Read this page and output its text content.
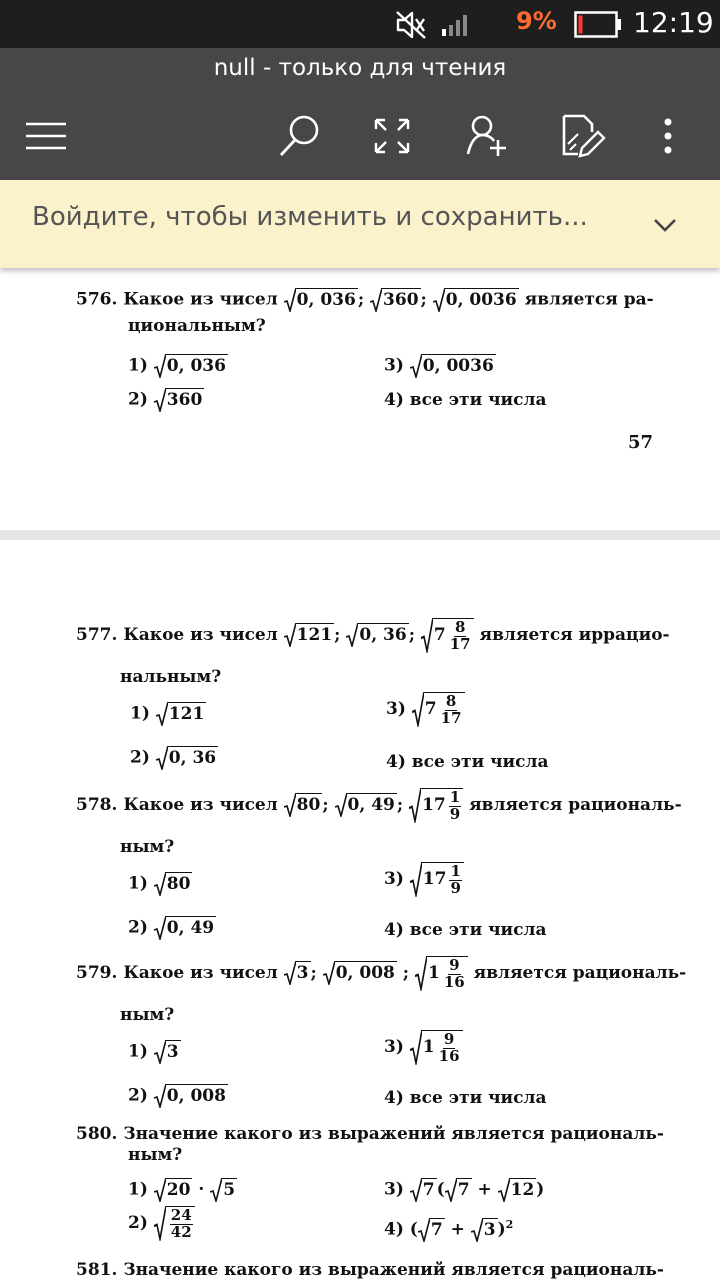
9%	12:19
null - только для чтения
Войдите, чтобы изменить и сохранить...
576. Какое из чисел 0, 036 ; 360 ; 0, 0036 является ра-
циональным?
1) 0, 036
2) 360
3) 0, 0036
4) все эти числа
57
577. Какое из чисел 121 ; 0, 36 ; $7 \frac{8}{17}$ является иррацио-
нальным?
1) 121
2) 0, 36
3) $7 \frac{8}{17}$
4) все эти числа
578. Какое из чисел 80 ; 0, 49 ; $17 \frac{1}{9}$ является рациональ-
ным?
1) 80
2) 0, 49
3) $17 \frac{1}{9}$
4) все эти числа
579. Какое из чисел 3 ; 0, 008 ; $1 \frac{9}{16}$ является рациональ-
ным?
1) 3
2) 0, 008
3) $1 \frac{9}{16}$
4) все эти числа
580. Значение какого из выражений является рациональ-
ным?
1) 20 · 5
$2) \frac{24}{42}$
3) 7 ( 7 + 12 )
4) ( 7 + 3 )$^2$
581. Значение какого из выражений является рациональ-
